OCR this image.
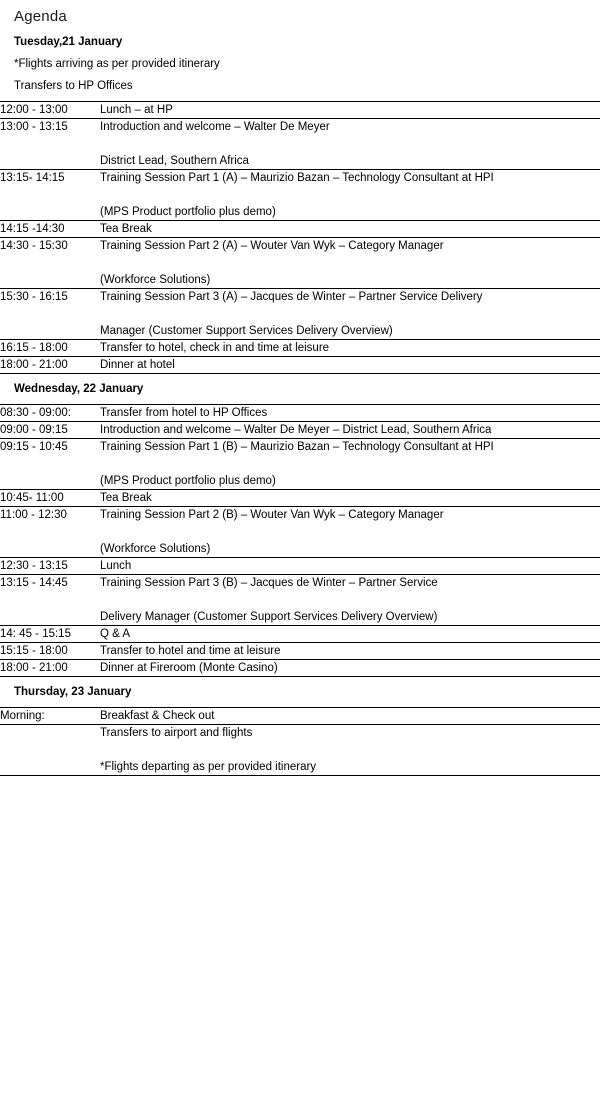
Agenda
Tuesday,21 January
*Flights arriving as per provided itinerary
Transfers to HP Offices
12:00 - 13:00	Lunch – at HP

13:00 - 13:15	Introduction and welcome – Walter De Meyer
District Lead, Southern Africa

13:15- 14:15	Training Session Part 1 (A) – Maurizio Bazan – Technology Consultant at HPI
(MPS Product portfolio plus demo)

14:15 -14:30	Tea Break

14:30 - 15:30	Training Session Part 2 (A) – Wouter Van Wyk – Category Manager
(Workforce Solutions)

15:30 - 16:15	Training Session Part 3 (A) – Jacques de Winter – Partner Service Delivery
Manager (Customer Support Services Delivery Overview)

16:15 - 18:00	Transfer to hotel, check in and time at leisure

18:00 - 21:00	Dinner at hotel

Wednesday, 22 January	
08:30 - 09:00:	Transfer from hotel to HP Offices

09:00 - 09:15	Introduction and welcome – Walter De Meyer – District Lead, Southern Africa

09:15 - 10:45	Training Session Part 1 (B) – Maurizio Bazan – Technology Consultant at HPI
(MPS Product portfolio plus demo)

10:45- 11:00	Tea Break

11:00 - 12:30	Training Session Part 2 (B) – Wouter Van Wyk – Category Manager
(Workforce Solutions)

12:30 - 13:15	Lunch

13:15 - 14:45	Training Session Part 3 (B) – Jacques de Winter – Partner Service
Delivery Manager (Customer Support Services Delivery Overview)

14: 45 - 15:15	Q & A

15:15 - 18:00	Transfer to hotel and time at leisure

18:00 - 21:00	Dinner at Fireroom (Monte Casino)

Thursday, 23 January	
Morning:	Breakfast & Check out

	Transfers to airport and flights
*Flights departing as per provided itinerary
